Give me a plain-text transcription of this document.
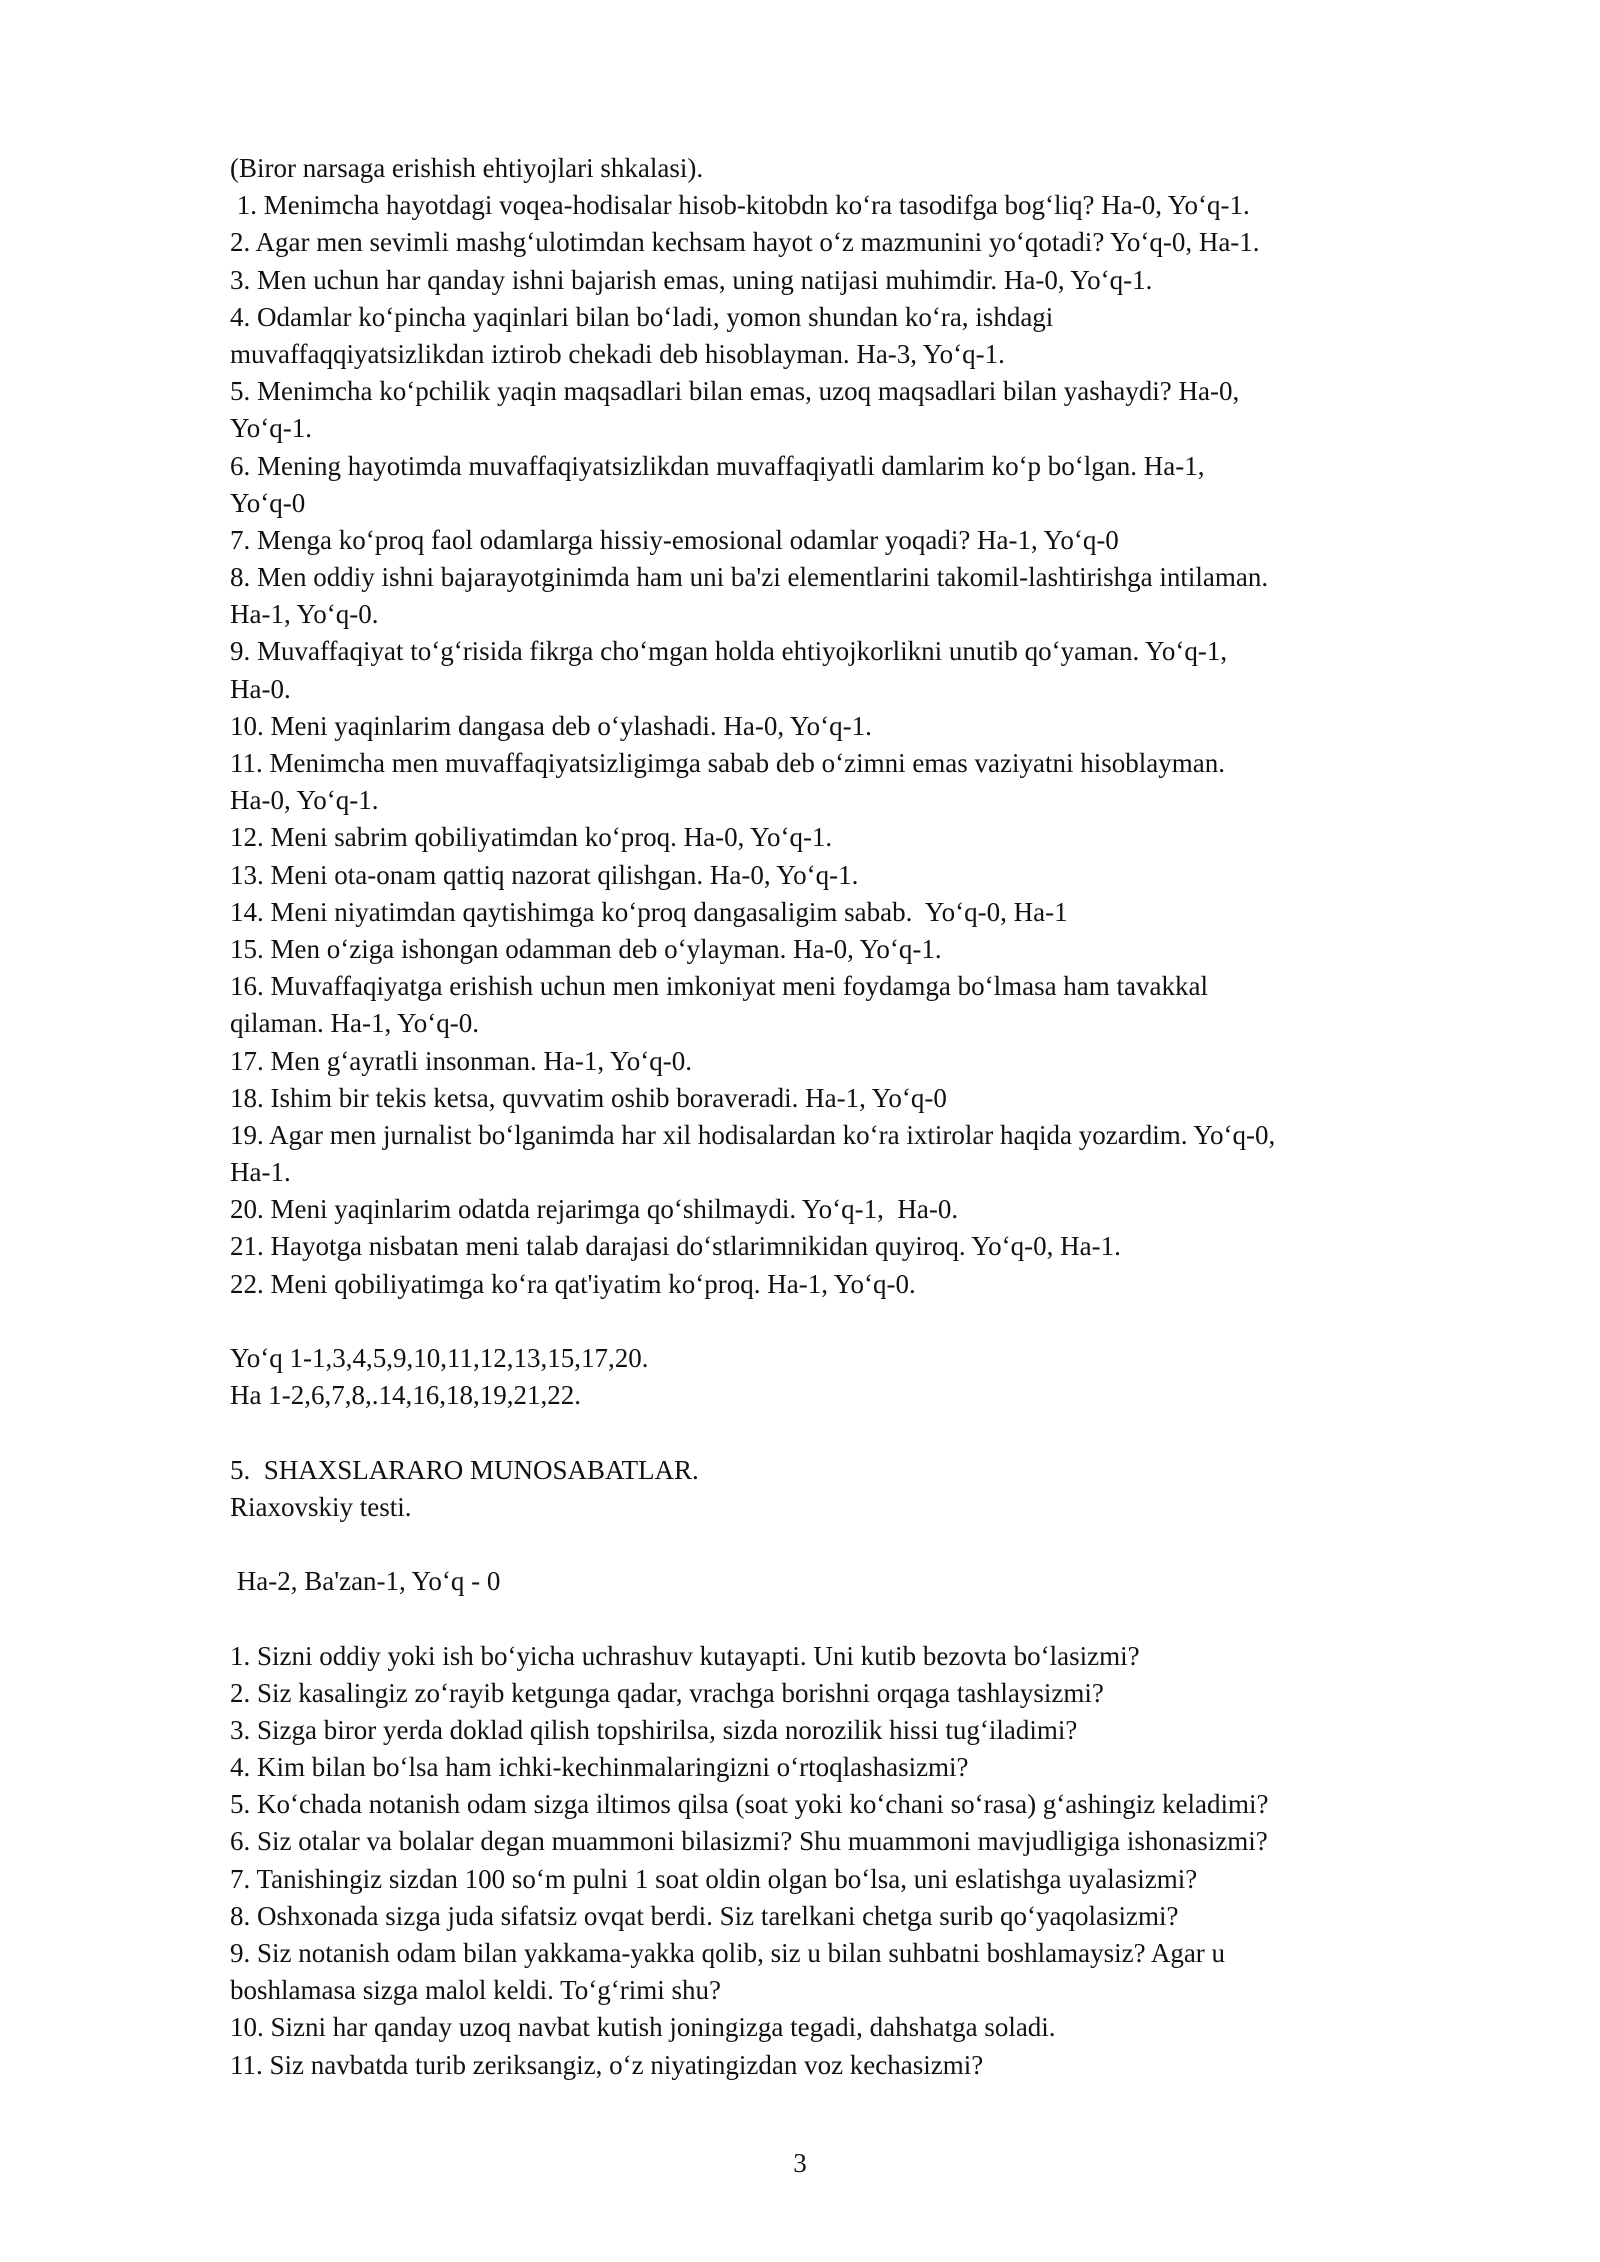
(Biror narsaga erishish ehtiyojlari shkalasi).
1. Menimcha hayotdagi voqea-hodisalar hisob-kitobdn ko‘ra tasodifga bog‘liq? Ha-0, Yo‘q-1.
2. Agar men sevimli mashg‘ulotimdan kechsam hayot o‘z mazmunini yo‘qotadi? Yo‘q-0, Ha-1.
3. Men uchun har qanday ishni bajarish emas, uning natijasi muhimdir. Ha-0, Yo‘q-1.
4. Odamlar ko‘pincha yaqinlari bilan bo‘ladi, yomon shundan ko‘ra, ishdagi
muvaffaqqiyatsizlikdan iztirob chekadi deb hisoblayman. Ha-3, Yo‘q-1.
5. Menimcha ko‘pchilik yaqin maqsadlari bilan emas, uzoq maqsadlari bilan yashaydi? Ha-0,
Yo‘q-1.
6. Mening hayotimda muvaffaqiyatsizlikdan muvaffaqiyatli damlarim ko‘p bo‘lgan. Ha-1,
Yo‘q-0
7. Menga ko‘proq faol odamlarga hissiy-emosional odamlar yoqadi? Ha-1, Yo‘q-0
8. Men oddiy ishni bajarayotginimda ham uni ba'zi elementlarini takomil-lashtirishga intilaman.
Ha-1, Yo‘q-0.
9. Muvaffaqiyat to‘g‘risida fikrga cho‘mgan holda ehtiyojkorlikni unutib qo‘yaman. Yo‘q-1,
Ha-0.
10. Meni yaqinlarim dangasa deb o‘ylashadi. Ha-0, Yo‘q-1.
11. Menimcha men muvaffaqiyatsizligimga sabab deb o‘zimni emas vaziyatni hisoblayman.
Ha-0, Yo‘q-1.
12. Meni sabrim qobiliyatimdan ko‘proq. Ha-0, Yo‘q-1.
13. Meni ota-onam qattiq nazorat qilishgan. Ha-0, Yo‘q-1.
14. Meni niyatimdan qaytishimga ko‘proq dangasaligim sabab.  Yo‘q-0, Ha-1
15. Men o‘ziga ishongan odamman deb o‘ylayman. Ha-0, Yo‘q-1.
16. Muvaffaqiyatga erishish uchun men imkoniyat meni foydamga bo‘lmasa ham tavakkal
qilaman. Ha-1, Yo‘q-0.
17. Men g‘ayratli insonman. Ha-1, Yo‘q-0.
18. Ishim bir tekis ketsa, quvvatim oshib boraveradi. Ha-1, Yo‘q-0
19. Agar men jurnalist bo‘lganimda har xil hodisalardan ko‘ra ixtirolar haqida yozardim. Yo‘q-0,
Ha-1.
20. Meni yaqinlarim odatda rejarimga qo‘shilmaydi. Yo‘q-1,  Ha-0.
21. Hayotga nisbatan meni talab darajasi do‘stlarimnikidan quyiroq. Yo‘q-0, Ha-1.
22. Meni qobiliyatimga ko‘ra qat'iyatim ko‘proq. Ha-1, Yo‘q-0.
Yo‘q 1-1,3,4,5,9,10,11,12,13,15,17,20.
Ha 1-2,6,7,8,.14,16,18,19,21,22.
5.  SHAXSLARARO MUNOSABATLAR.
Riaxovskiy testi.
Ha-2, Ba'zan-1, Yo‘q - 0
1. Sizni oddiy yoki ish bo‘yicha uchrashuv kutayapti. Uni kutib bezovta bo‘lasizmi?
2. Siz kasalingiz zo‘rayib ketgunga qadar, vrachga borishni orqaga tashlaysizmi?
3. Sizga biror yerda doklad qilish topshirilsa, sizda norozilik hissi tug‘iladimi?
4. Kim bilan bo‘lsa ham ichki-kechinmalaringizni o‘rtoqlashasizmi?
5. Ko‘chada notanish odam sizga iltimos qilsa (soat yoki ko‘chani so‘rasa) g‘ashingiz keladimi?
6. Siz otalar va bolalar degan muammoni bilasizmi? Shu muammoni mavjudligiga ishonasizmi?
7. Tanishingiz sizdan 100 so‘m pulni 1 soat oldin olgan bo‘lsa, uni eslatishga uyalasizmi?
8. Oshxonada sizga juda sifatsiz ovqat berdi. Siz tarelkani chetga surib qo‘yaqolasizmi?
9. Siz notanish odam bilan yakkama-yakka qolib, siz u bilan suhbatni boshlamaysiz? Agar u
boshlamasa sizga malol keldi. To‘g‘rimi shu?
10. Sizni har qanday uzoq navbat kutish joningizga tegadi, dahshatga soladi.
11. Siz navbatda turib zeriksangiz, o‘z niyatingizdan voz kechasizmi?
3
